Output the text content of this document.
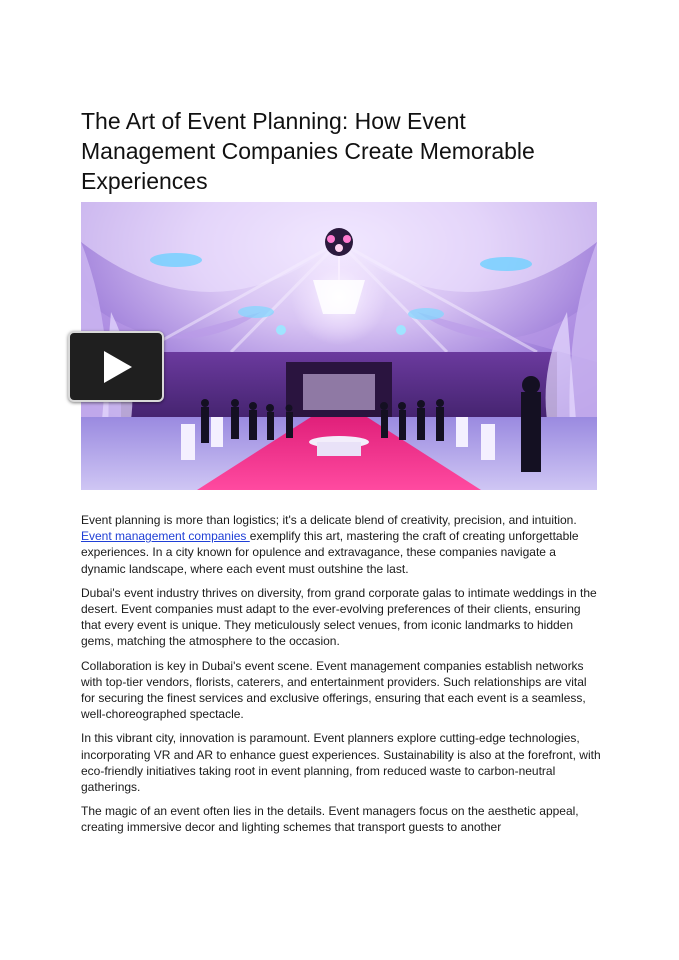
The Art of Event Planning: How Event Management Companies Create Memorable Experiences

Event planning is more than logistics; it's a delicate blend of creativity, precision, and intuition. Event management companies exemplify this art, mastering the craft of creating unforgettable experiences. In a city known for opulence and extravagance, these companies navigate a dynamic landscape, where each event must outshine the last.

Dubai's event industry thrives on diversity, from grand corporate galas to intimate weddings in the desert. Event companies must adapt to the ever-evolving preferences of their clients, ensuring that every event is unique. They meticulously select venues, from iconic landmarks to hidden gems, matching the atmosphere to the occasion.

Collaboration is key in Dubai's event scene. Event management companies establish networks with top-tier vendors, florists, caterers, and entertainment providers. Such relationships are vital for securing the finest services and exclusive offerings, ensuring that each event is a seamless, well-choreographed spectacle.

In this vibrant city, innovation is paramount. Event planners explore cutting-edge technologies, incorporating VR and AR to enhance guest experiences. Sustainability is also at the forefront, with eco-friendly initiatives taking root in event planning, from reduced waste to carbon-neutral gatherings.

The magic of an event often lies in the details. Event managers focus on the aesthetic appeal, creating immersive decor and lighting schemes that transport guests to another
